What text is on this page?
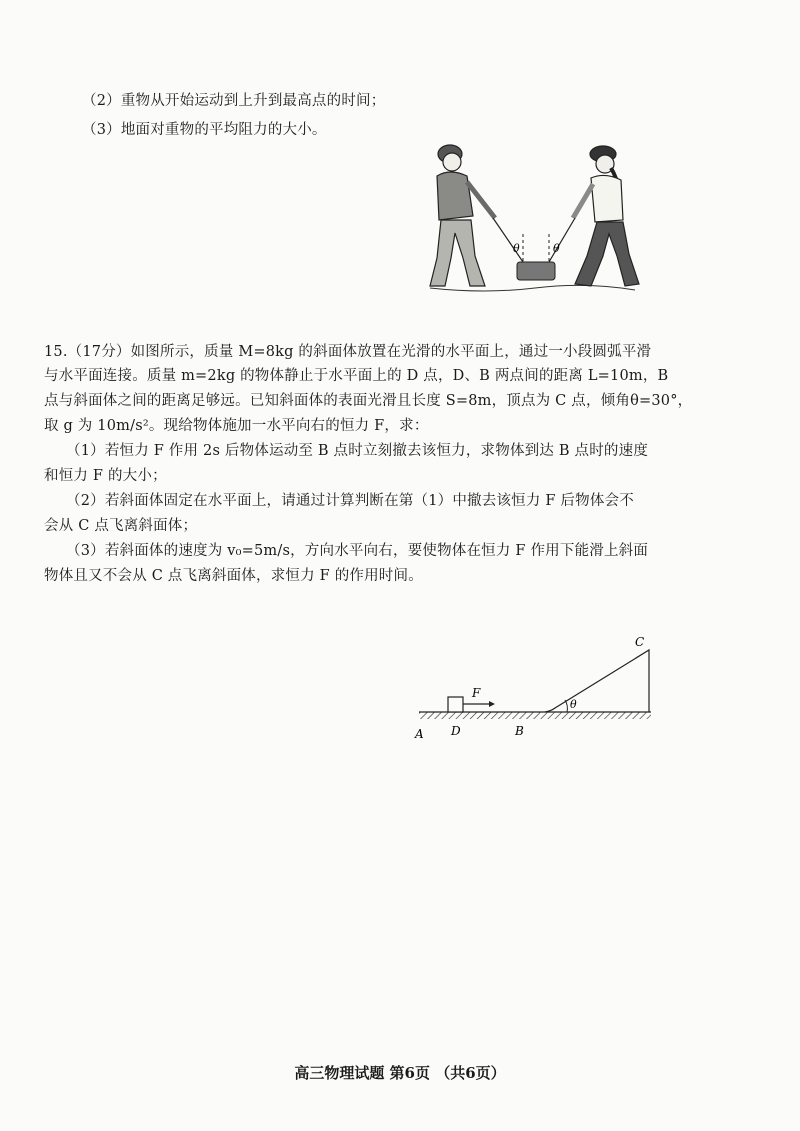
（2）重物从开始运动到上升到最高点的时间；
（3）地面对重物的平均阻力的大小。
θ	θ
15.（17分）如图所示，质量 M=8kg 的斜面体放置在光滑的水平面上，通过一小段圆弧平滑
与水平面连接。质量 m=2kg 的物体静止于水平面上的 D 点，D、B 两点间的距离 L=10m，B
点与斜面体之间的距离足够远。已知斜面体的表面光滑且长度 S=8m，顶点为 C 点，倾角θ=30°，
取 g 为 10m/s²。现给物体施加一水平向右的恒力 F，求：
（1）若恒力 F 作用 2s 后物体运动至 B 点时立刻撤去该恒力，求物体到达 B 点时的速度
和恒力 F 的大小；
（2）若斜面体固定在水平面上，请通过计算判断在第（1）中撤去该恒力 F 后物体会不
会从 C 点飞离斜面体；
（3）若斜面体的速度为 v₀=5m/s，方向水平向右，要使物体在恒力 F 作用下能滑上斜面
物体且又不会从 C 点飞离斜面体，求恒力 F 的作用时间。
θ
F
A D	B
C
高三物理试题 第6页 （共6页）
